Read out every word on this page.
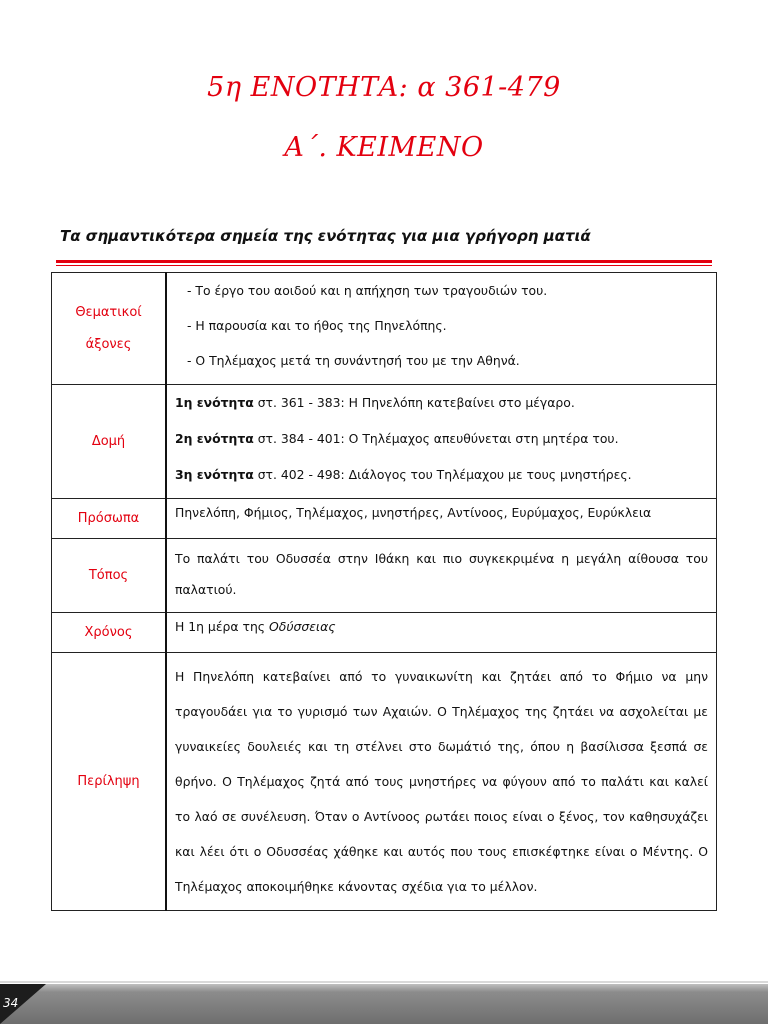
5η ΕΝΟΤΗΤΑ: α 361-479
Α΄. ΚΕΙΜΕΝΟ
Τα σημαντικότερα σημεία της ενότητας για μια γρήγορη ματιά
Θεματικοί
άξονες	- Το έργο του αοιδού και η απήχηση των τραγουδιών του.
- Η παρουσία και το ήθος της Πηνελόπης.
- Ο Τηλέμαχος μετά τη συνάντησή του με την Αθηνά.

Δομή	1η ενότητα στ. 361 - 383: Η Πηνελόπη κατεβαίνει στο μέγαρο.
2η ενότητα στ. 384 - 401: Ο Τηλέμαχος απευθύνεται στη μητέρα του.
3η ενότητα στ. 402 - 498: Διάλογος του Τηλέμαχου με τους μνηστήρες.

Πρόσωπα	Πηνελόπη, Φήμιος, Τηλέμαχος, μνηστήρες, Αντίνοος, Ευρύμαχος, Ευρύκλεια
Τόπος	Το παλάτι του Οδυσσέα στην Ιθάκη και πιο συγκεκριμένα η μεγάλη αίθουσα του παλατιού.
Χρόνος	Η 1η μέρα της Οδύσσειας
Περίληψη	Η Πηνελόπη κατεβαίνει από το γυναικωνίτη και ζητάει από το Φήμιο να μην τραγουδάει για το γυρισμό των Αχαιών. Ο Τηλέμαχος της ζητάει να ασχολείται με γυναικείες δουλειές και τη στέλνει στο δωμάτιό της, όπου η βασίλισσα ξεσπά σε θρήνο. Ο Τηλέμαχος ζητά από τους μνηστήρες να φύγουν από το παλάτι και καλεί το λαό σε συνέλευση. Όταν ο Αντίνοος ρωτάει ποιος είναι ο ξένος, τον καθησυχάζει και λέει ότι ο Οδυσσέας χάθηκε και αυτός που τους επισκέφτηκε είναι ο Μέντης. Ο Τηλέμαχος αποκοιμήθηκε κάνοντας σχέδια για το μέλλον.
34
